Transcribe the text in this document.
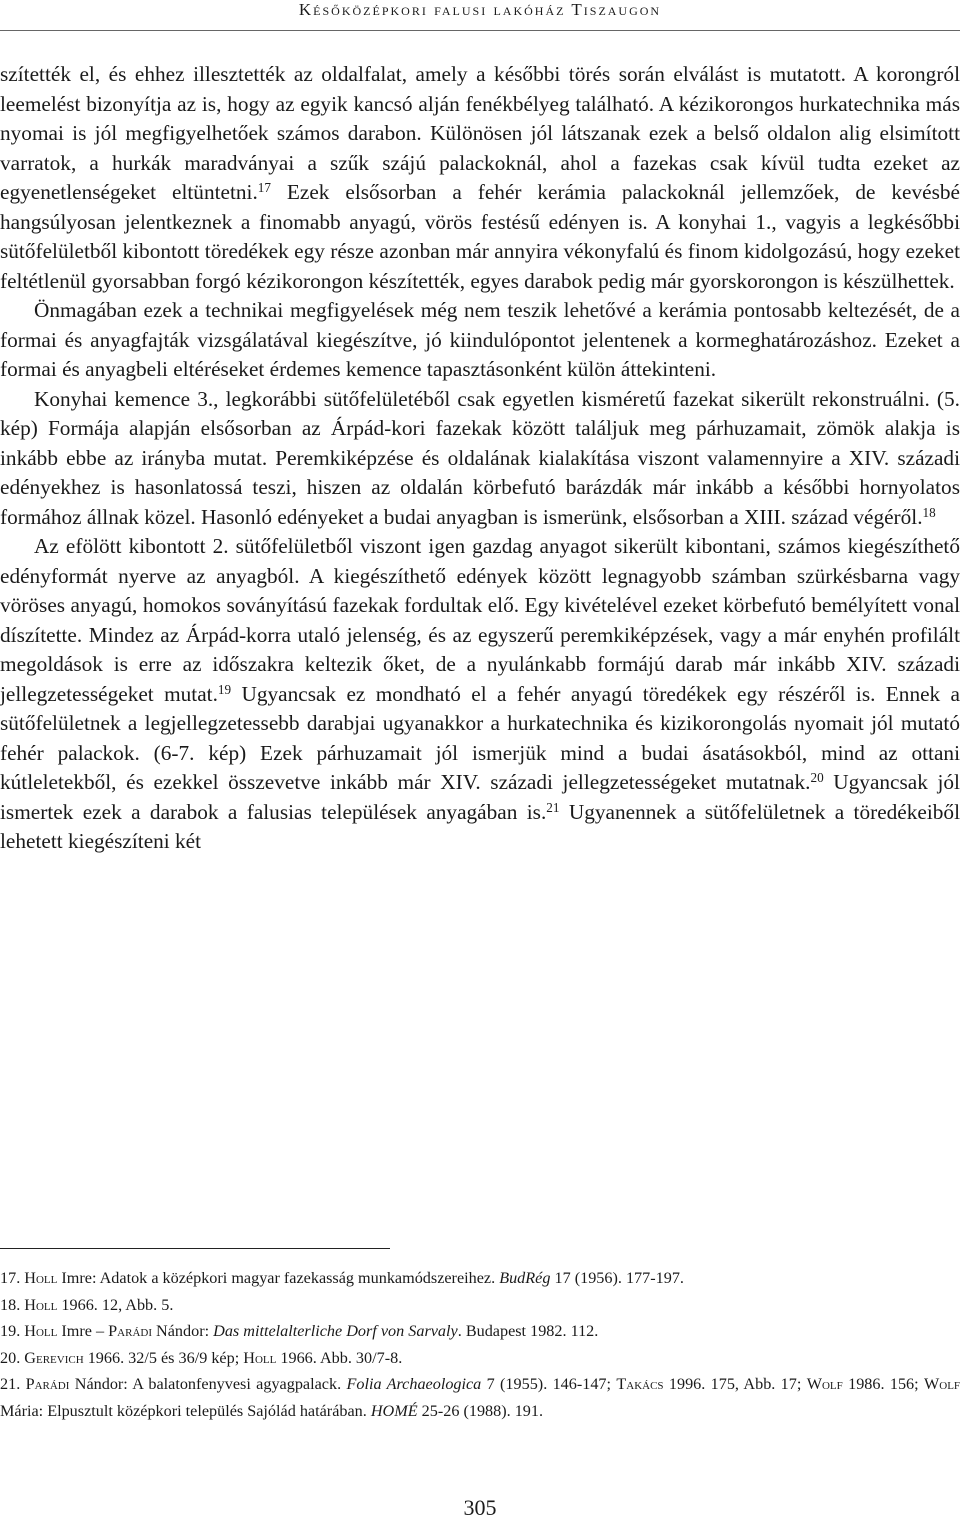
Későközépkori falusi lakóház Tiszaugon

szítették el, és ehhez illesztették az oldalfalat, amely a későbbi törés során elválást is mutatott. A korongról leemelést bizonyítja az is, hogy az egyik kancsó alján fenékbélyeg található. A kézikorongos hurkatechnika más nyomai is jól megfigyelhetőek számos darabon. Különösen jól látszanak ezek a belső oldalon alig elsimított varratok, a hurkák maradványai a szűk szájú palackoknál, ahol a fazekas csak kívül tudta ezeket az egyenetlenségeket eltüntetni.$^{17}$ Ezek elsősorban a fehér kerámia palackoknál jellemzőek, de kevésbé hangsúlyosan jelentkeznek a finomabb anyagú, vörös festésű edényen is. A konyhai 1., vagyis a legkésőbbi sütőfelületből kibontott töredékek egy része azonban már annyira vékonyfalú és finom kidolgozású, hogy ezeket feltétlenül gyorsabban forgó kézikorongon készítették, egyes darabok pedig már gyorskorongon is készülhettek.

Önmagában ezek a technikai megfigyelések még nem teszik lehetővé a kerámia pontosabb keltezését, de a formai és anyagfajták vizsgálatával kiegészítve, jó kiindulópontot jelentenek a kormeghatározáshoz. Ezeket a formai és anyagbeli eltéréseket érdemes kemence tapasztásonként külön áttekinteni.

Konyhai kemence 3., legkorábbi sütőfelületéből csak egyetlen kisméretű fazekat sikerült rekonstruálni. (5. kép) Formája alapján elsősorban az Árpád-kori fazekak között találjuk meg párhuzamait, zömök alakja is inkább ebbe az irányba mutat. Peremkiképzése és oldalának kialakítása viszont valamennyire a XIV. századi edényekhez is hasonlatossá teszi, hiszen az oldalán körbefutó barázdák már inkább a későbbi hornyolatos formához állnak közel. Hasonló edényeket a budai anyagban is ismerünk, elsősorban a XIII. század végéről.$^{18}$

Az efölött kibontott 2. sütőfelületből viszont igen gazdag anyagot sikerült kibontani, számos kiegészíthető edényformát nyerve az anyagból. A kiegészíthető edények között legnagyobb számban szürkésbarna vagy vöröses anyagú, homokos soványítású fazekak fordultak elő. Egy kivételével ezeket körbefutó bemélyített vonal díszítette. Mindez az Árpád-korra utaló jelenség, és az egyszerű peremkiképzések, vagy a már enyhén profilált megoldások is erre az időszakra keltezik őket, de a nyulánkabb formájú darab már inkább XIV. századi jellegzetességeket mutat.$^{19}$ Ugyancsak ez mondható el a fehér anyagú töredékek egy részéről is. Ennek a sütőfelületnek a legjellegzetessebb darabjai ugyanakkor a hurkatechnika és kizikorongolás nyomait jól mutató fehér palackok. (6-7. kép) Ezek párhuzamait jól ismerjük mind a budai ásatásokból, mind az ottani kútleletekből, és ezekkel összevetve inkább már XIV. századi jellegzetességeket mutatnak.$^{20}$ Ugyancsak jól ismertek ezek a darabok a falusias települések anyagában is.$^{21}$ Ugyanennek a sütőfelületnek a töredékeiből lehetett kiegészíteni két

17. Holl Imre: Adatok a középkori magyar fazekasság munkamódszereihez. BudRég 17 (1956). 177-197.

18. Holl 1966. 12, Abb. 5.

19. Holl Imre – Parádi Nándor: Das mittelalterliche Dorf von Sarvaly. Budapest 1982. 112.

20. Gerevich 1966. 32/5 és 36/9 kép; Holl 1966. Abb. 30/7-8.

21. Parádi Nándor: A balatonfenyvesi agyagpalack. Folia Archaeologica 7 (1955). 146-147; Takács 1996. 175, Abb. 17; Wolf 1986. 156; Wolf Mária: Elpusztult középkori település Sajólád határában. HOMÉ 25-26 (1988). 191.

305
